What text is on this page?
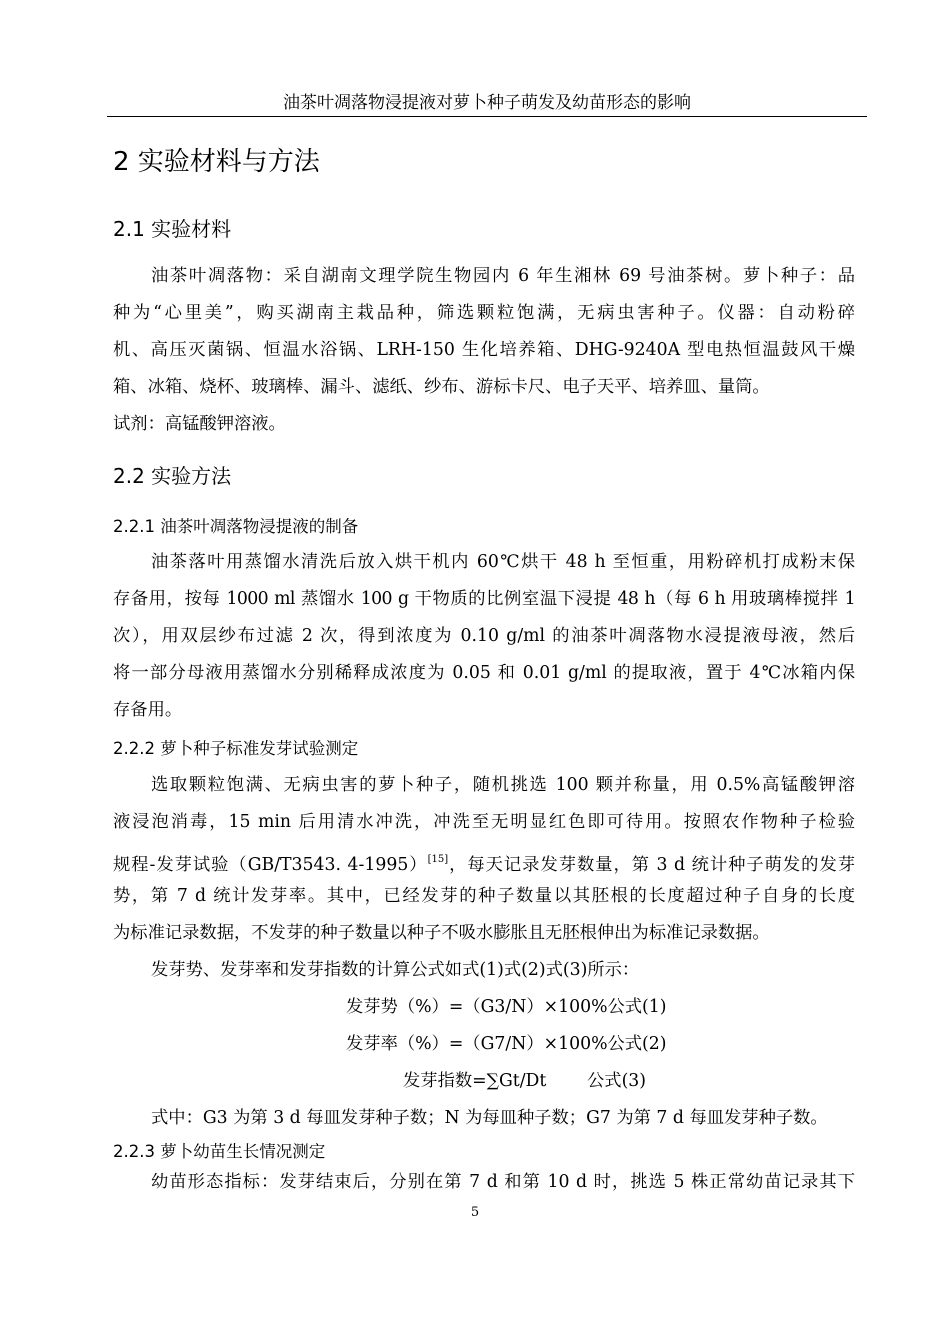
油茶叶凋落物浸提液对萝卜种子萌发及幼苗形态的影响
2 实验材料与方法
2.1 实验材料
油茶叶凋落物：采自湖南文理学院生物园内 6 年生湘林 69 号油茶树。萝卜种子：品
种为“心里美”，购买湖南主栽品种，筛选颗粒饱满，无病虫害种子。仪器：自动粉碎
机、高压灭菌锅、恒温水浴锅、LRH-150 生化培养箱、DHG-9240A 型电热恒温鼓风干燥
箱、冰箱、烧杯、玻璃棒、漏斗、滤纸、纱布、游标卡尺、电子天平、培养皿、量筒。
试剂：高锰酸钾溶液。
2.2 实验方法
2.2.1 油茶叶凋落物浸提液的制备
油茶落叶用蒸馏水清洗后放入烘干机内 60℃烘干 48 h 至恒重，用粉碎机打成粉末保
存备用，按每 1000 ml 蒸馏水 100 g 干物质的比例室温下浸提 48 h（每 6 h 用玻璃棒搅拌 1
次），用双层纱布过滤 2 次，得到浓度为 0.10 g/ml 的油茶叶凋落物水浸提液母液，然后
将一部分母液用蒸馏水分别稀释成浓度为 0.05 和 0.01 g/ml 的提取液，置于 4℃冰箱内保
存备用。
2.2.2 萝卜种子标准发芽试验测定
选取颗粒饱满、无病虫害的萝卜种子，随机挑选 100 颗并称量，用 0.5%高锰酸钾溶
液浸泡消毒，15 min 后用清水冲洗，冲洗至无明显红色即可待用。按照农作物种子检验
规程-发芽试验（GB/T3543. 4-1995）[15]，每天记录发芽数量，第 3 d 统计种子萌发的发芽
势，第 7 d 统计发芽率。其中，已经发芽的种子数量以其胚根的长度超过种子自身的长度
为标准记录数据，不发芽的种子数量以种子不吸水膨胀且无胚根伸出为标准记录数据。
发芽势、发芽率和发芽指数的计算公式如式(1)式(2)式(3)所示：
发芽势（%）=（G3/N）×100%公式(1)
发芽率（%）=（G7/N）×100%公式(2)
发芽指数=∑Gt/Dt 公式(3)
式中：G3 为第 3 d 每皿发芽种子数；N 为每皿种子数；G7 为第 7 d 每皿发芽种子数。
2.2.3 萝卜幼苗生长情况测定
幼苗形态指标：发芽结束后，分别在第 7 d 和第 10 d 时，挑选 5 株正常幼苗记录其下
5
